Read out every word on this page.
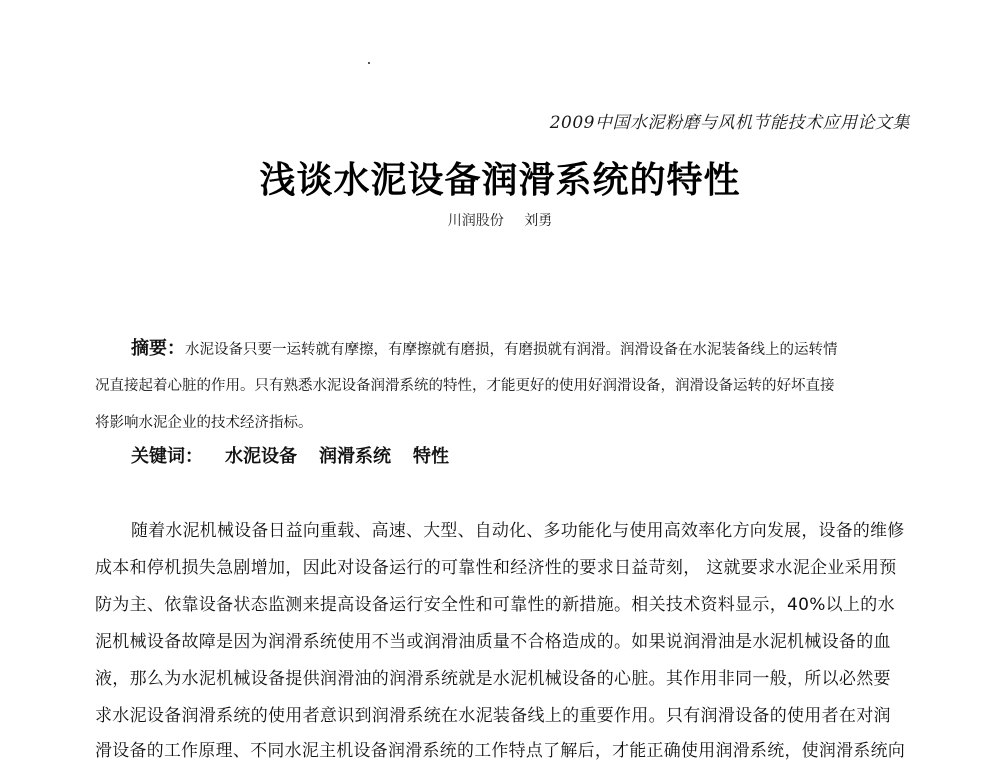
2009中国水泥粉磨与风机节能技术应用论文集
浅谈水泥设备润滑系统的特性
川润股份 刘勇
摘要：水泥设备只要一运转就有摩擦，有摩擦就有磨损，有磨损就有润滑。润滑设备在水泥装备线上的运转情
况直接起着心脏的作用。只有熟悉水泥设备润滑系统的特性，才能更好的使用好润滑设备，润滑设备运转的好坏直接
将影响水泥企业的技术经济指标。
关键词： 水泥设备 润滑系统 特性
随着水泥机械设备日益向重载、高速、大型、自动化、多功能化与使用高效率化方向发展，设备的维修
成本和停机损失急剧增加，因此对设备运行的可靠性和经济性的要求日益苛刻， 这就要求水泥企业采用预
防为主、依靠设备状态监测来提高设备运行安全性和可靠性的新措施。相关技术资料显示，40%以上的水
泥机械设备故障是因为润滑系统使用不当或润滑油质量不合格造成的。如果说润滑油是水泥机械设备的血
液，那么为水泥机械设备提供润滑油的润滑系统就是水泥机械设备的心脏。其作用非同一般，所以必然要
求水泥设备润滑系统的使用者意识到润滑系统在水泥装备线上的重要作用。只有润滑设备的使用者在对润
滑设备的工作原理、不同水泥主机设备润滑系统的工作特点了解后，才能正确使用润滑系统，使润滑系统向
